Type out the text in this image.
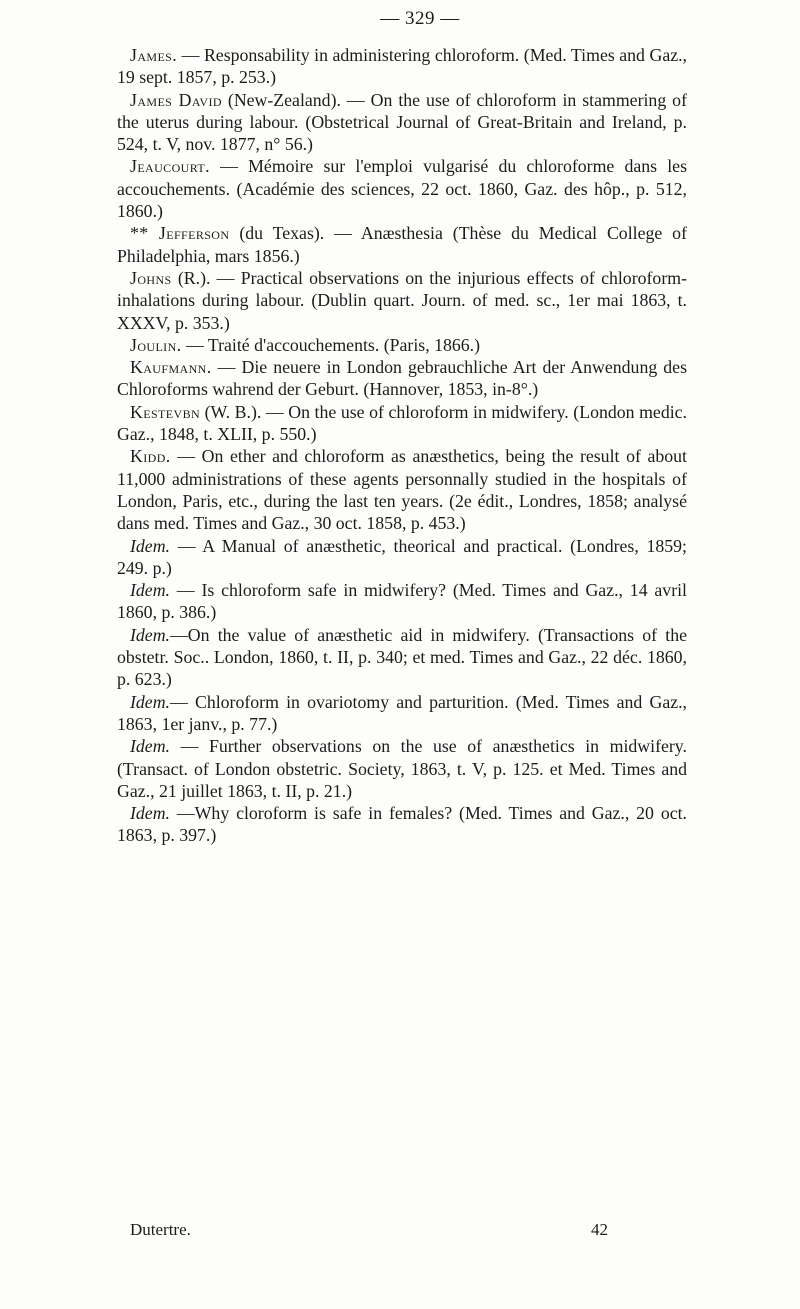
— 329 —

James. — Responsability in administering chloroform. (Med. Times and Gaz., 19 sept. 1857, p. 253.)

James David (New-Zealand). — On the use of chloroform in stammering of the uterus during labour. (Obstetrical Journal of Great-Britain and Ireland, p. 524, t. V, nov. 1877, n° 56.)

Jeaucourt. — Mémoire sur l'emploi vulgarisé du chloroforme dans les accouchements. (Académie des sciences, 22 oct. 1860, Gaz. des hôp., p. 512, 1860.)

** Jefferson (du Texas). — Anæsthesia (Thèse du Medical College of Philadelphia, mars 1856.)

Johns (R.). — Practical observations on the injurious effects of chloroform-inhalations during labour. (Dublin quart. Journ. of med. sc., 1er mai 1863, t. XXXV, p. 353.)

Joulin. — Traité d'accouchements. (Paris, 1866.)

Kaufmann. — Die neuere in London gebrauchliche Art der Anwendung des Chloroforms wahrend der Geburt. (Hannover, 1853, in-8°.)

Kestevbn (W. B.). — On the use of chloroform in midwifery. (London medic. Gaz., 1848, t. XLII, p. 550.)

Kidd. — On ether and chloroform as anæsthetics, being the result of about 11,000 administrations of these agents personnally studied in the hospitals of London, Paris, etc., during the last ten years. (2e édit., Londres, 1858; analysé dans med. Times and Gaz., 30 oct. 1858, p. 453.)

Idem. — A Manual of anæsthetic, theorical and practical. (Londres, 1859; 249. p.)

Idem. — Is chloroform safe in midwifery? (Med. Times and Gaz., 14 avril 1860, p. 386.)

Idem.—On the value of anæsthetic aid in midwifery. (Transactions of the obstetr. Soc.. London, 1860, t. II, p. 340; et med. Times and Gaz., 22 déc. 1860, p. 623.)

Idem.— Chloroform in ovariotomy and parturition. (Med. Times and Gaz., 1863, 1er janv., p. 77.)

Idem. — Further observations on the use of anæsthetics in midwifery. (Transact. of London obstetric. Society, 1863, t. V, p. 125. et Med. Times and Gaz., 21 juillet 1863, t. II, p. 21.)

Idem. —Why cloroform is safe in females? (Med. Times and Gaz., 20 oct. 1863, p. 397.)

Dutertre.	42
